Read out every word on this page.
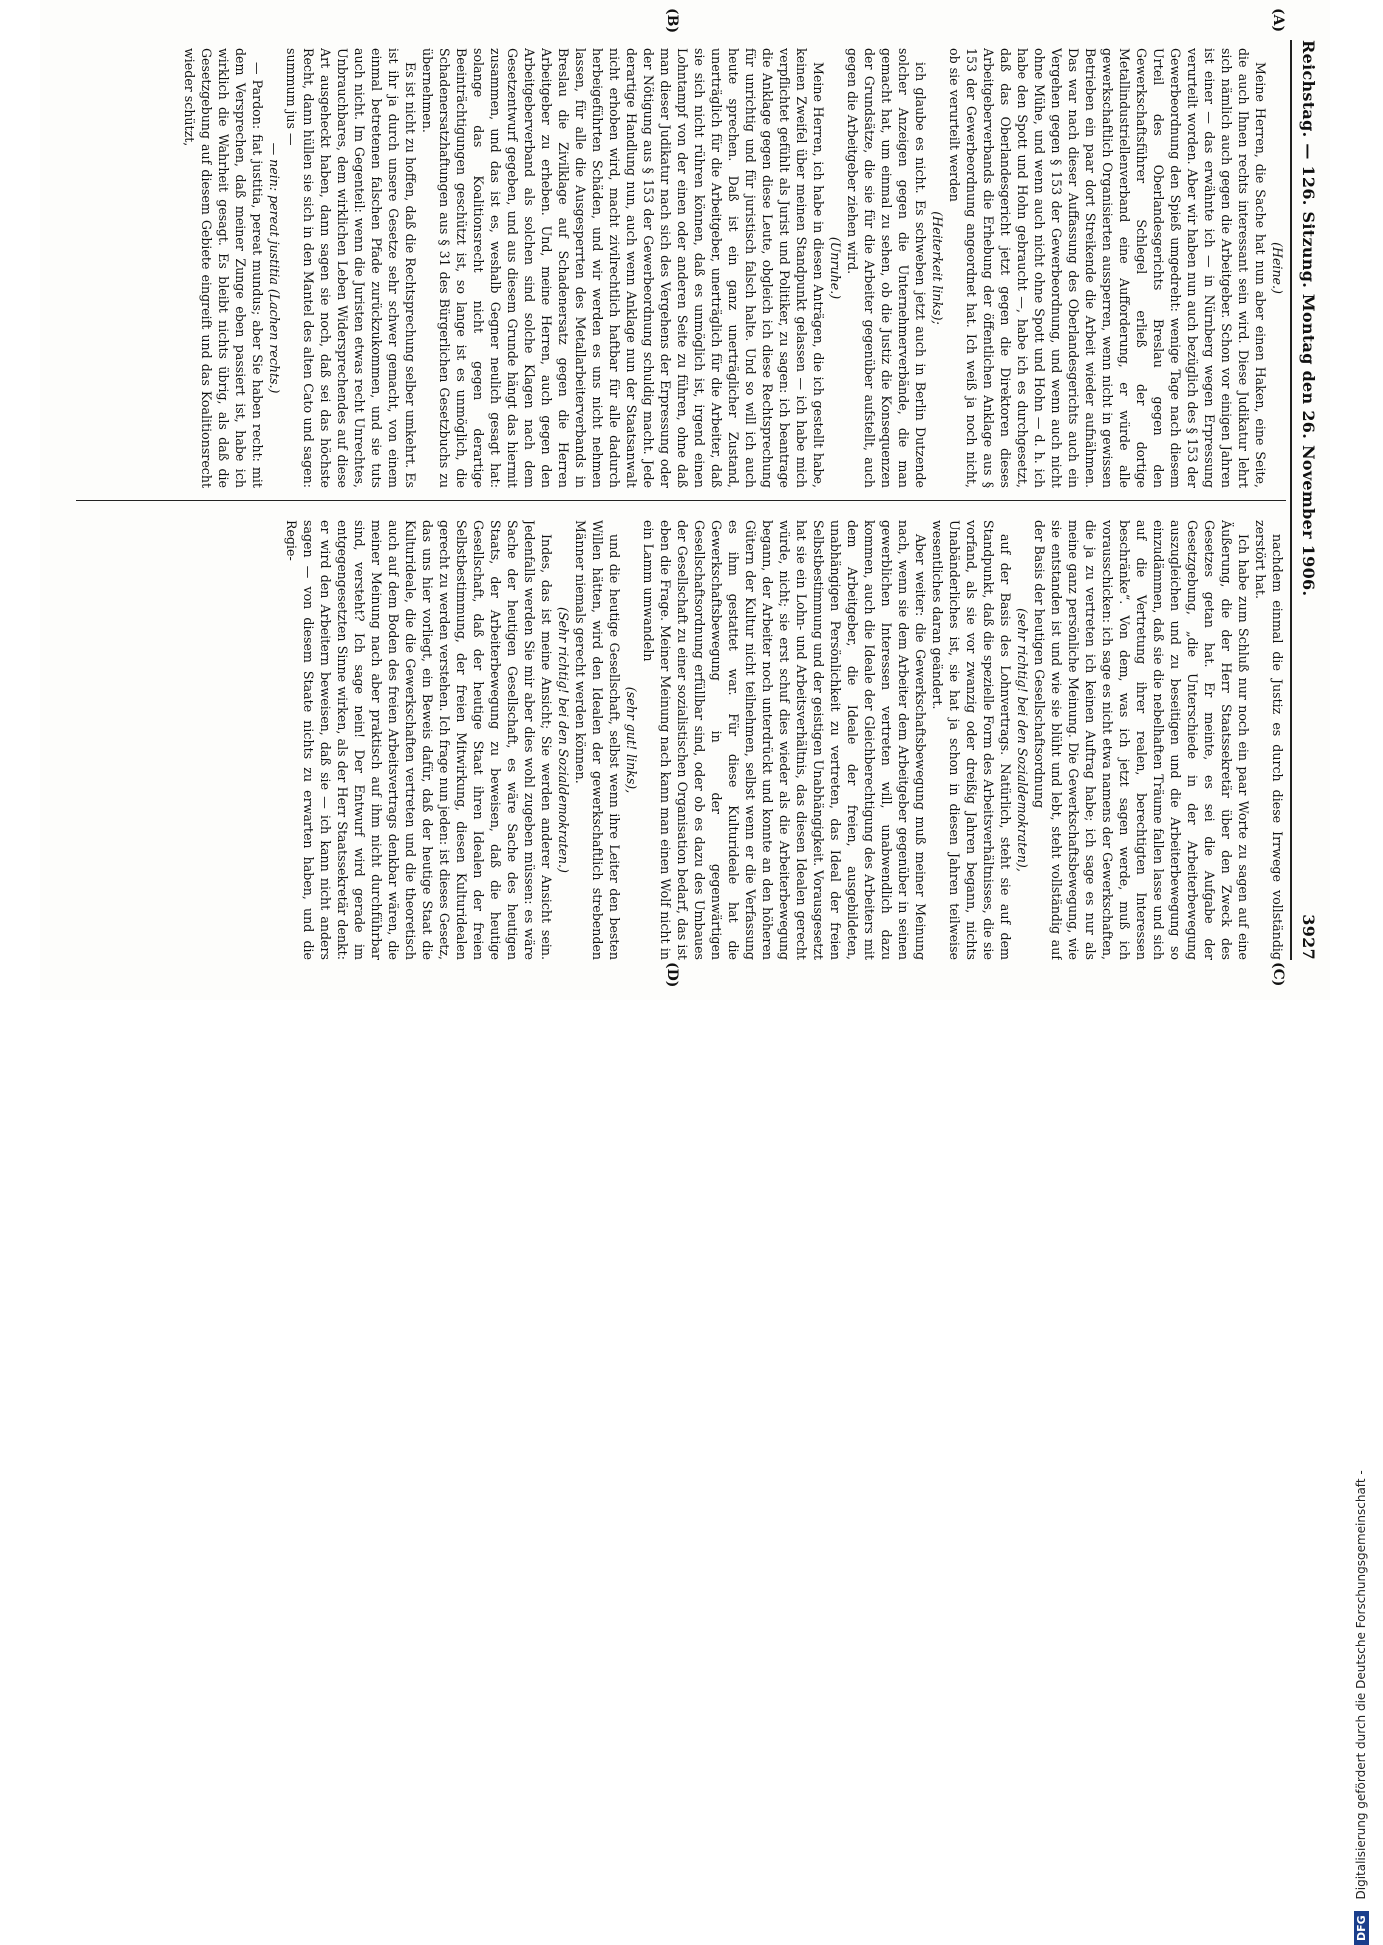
Reichstag. — 126. Sitzung. Montag den 26. November 1906.
3927
(A)
(B)
(C)
(D)

(Heine.)

Meine Herren, die Sache hat nun aber einen Haken, eine Seite, die auch Ihnen rechts interessant sein wird. Diese Judikatur lehrt sich nämlich auch gegen die Arbeitgeber. Schon vor einigen Jahren ist einer — das erwähnte ich — in Nürnberg wegen Erpressung verurteilt worden. Aber wir haben nun auch bezüglich des § 153 der Gewerbeordnung den Spieß umgedreht: wenige Tage nach diesem Urteil des Oberlandesgerichts Breslau gegen den Gewerkschaftsführer Schlegel erließ der dortige Metallindustriellenverband eine Aufforderung, er würde alle gewerkschaftlich Organisierten aussperren, wenn nicht in gewissen Betrieben ein paar dort Streikende die Arbeit wieder aufnähmen. Das war nach dieser Auffassung des Oberlandesgerichts auch ein Vergehen gegen § 153 der Gewerbeordnung, und wenn auch nicht ohne Mühe, und wenn auch nicht ohne Spott und Hohn — d. h. ich habe den Spott und Hohn gebraucht —, habe ich es durchgesetzt, daß das Oberlandesgericht jetzt gegen die Direktoren dieses Arbeitgeberverbands die Erhebung der öffentlichen Anklage aus § 153 der Gewerbeordnung angeordnet hat. Ich weiß ja noch nicht, ob sie verurteilt werden

(Heiterkeit links);

ich glaube es nicht. Es schweben jetzt auch in Berlin Dutzende solcher Anzeigen gegen die Unternehmerverbände, die man gemacht hat, um einmal zu sehen, ob die Justiz die Konsequenzen der Grundsätze, die sie für die Arbeiter gegenüber aufstellt, auch gegen die Arbeitgeber ziehen wird.

(Unruhe.)

Meine Herren, ich habe in diesen Anträgen, die ich gestellt habe, keinen Zweifel über meinen Standpunkt gelassen — ich habe mich verpflichtet gefühlt als Jurist und Politiker, zu sagen: ich beantrage die Anklage gegen diese Leute, obgleich ich diese Rechtsprechung für unrichtig und für juristisch falsch halte. Und so will ich auch heute sprechen. Daß ist ein ganz unerträglicher Zustand, unerträglich für die Arbeitgeber, unerträglich für die Arbeiter, daß sie sich nicht rühren können, daß es unmöglich ist, irgend einen Lohntampf von der einen oder anderen Seite zu führen, ohne daß man dieser Judikatur nach sich des Vergehens der Erpressung oder der Nötigung aus § 153 der Gewerbeordnung schuldig macht. Jede derartige Handlung nun, auch wenn Anklage nun der Staatsanwalt nicht erhoben wird, macht zivilrechtlich haftbar für alle dadurch herbeigeführten Schäden, und wir werden es uns nicht nehmen lassen, für alle die Ausgesperrten des Metallarbeiterverbands in Breslau die Zivilklage auf Schadenersatz gegen die Herren Arbeitgeber zu erheben. Und, meine Herren, auch gegen den Arbeitgeberverband als solchen sind solche Klagen nach dem Gesetzentwurf gegeben, und aus diesem Grunde hängt das hiermit zusammen, und das ist es, weshalb Gegner neulich gesagt hat: solange das Koalitionsrecht nicht gegen derartige Beeinträchtigungen geschützt ist, so lange ist es unmöglich, die Schadenersatzhaftungen aus § 31 des Bürgerlichen Gesetzbuchs zu übernehmen.

Es ist nicht zu hoffen, daß die Rechtsprechung selber umkehrt. Es ist ihr ja durch unsere Gesetze sehr schwer gemacht, von einem einmal betretenen falschen Pfade zurückzukommen, und sie tuts auch nicht. Im Gegenteil: wenn die Juristen etwas recht Unrechtes, Unbrauchbares, dem wirklichen Leben Widersprechendes auf diese Art ausgeheckt haben, dann sagen sie noch, daß sei das höchste Recht, dann hüllen sie sich in den Mantel des alten Cato und sagen: summum jus —

— nein: pereat justitia (Lachen rechts.)

— Pardon: fiat justitia, pereat mundus; aber Sie haben recht: mit dem Versprechen, daß meiner Zunge eben passiert ist, habe ich wirklich die Wahrheit gesagt. Es bleibt nichts übrig, als daß die Gesetzgebung auf diesem Gebiete eingreift und das Koalitionsrecht wieder schützt,

nachdem einmal die Justiz es durch diese Irrwege vollständig zerstört hat.

Ich habe zum Schluß nur noch ein paar Worte zu sagen auf eine Äußerung, die der Herr Staatssekretär über den Zweck des Gesetzes getan hat. Er meinte, es sei die Aufgabe der Gesetzgebung, „die Unterschiede in der Arbeiterbewegung auszugleichen und zu beseitigen und die Arbeiterbewegung so einzudämmen, daß sie die nebelhaften Träume fallen lasse und sich auf die Vertretung ihrer realen, berechtigten Interessen beschränke“. Von dem, was ich jetzt sagen werde, muß ich vorausschicken: ich sage es nicht etwa namens der Gewerkschaften, die ja zu vertreten ich keinen Auftrag habe; ich sage es nur als meine ganz persönliche Meinung. Die Gewerkschaftsbewegung, wie sie entstanden ist und wie sie blüht und lebt, steht vollständig auf der Basis der heutigen Gesellschaftsordnung

(sehr richtig! bei den Sozialdemokraten),

auf der Basis des Lohnvertrags. Natürlich, steht sie auf dem Standpunkt, daß die spezielle Form des Arbeitsverhältnisses, die sie vorfand, als sie vor zwanzig oder dreißig Jahren begann, nichts Unabänderliches ist, sie hat ja schon in diesen Jahren teilweise wesentliches daran geändert.

Aber weiter: die Gewerkschaftsbewegung muß meiner Meinung nach, wenn sie dem Arbeiter dem Arbeitgeber gegenüber in seinen gewerblichen Interessen vertreten will, unabwendlich dazu kommen, auch die Ideale der Gleichberechtigung des Arbeiters mit dem Arbeitgeber, die Ideale der freien, ausgebildeten, unabhängigen Persönlichkeit zu vertreten, das Ideal der freien Selbstbestimmung und der geistigen Unabhängigkeit. Vorausgesetzt hat sie ein Lohn- und Arbeitsverhältnis, das diesen Idealen gerecht würde, nicht; sie erst schuf dies wieder als die Arbeiterbewegung begann, der Arbeiter noch unterdrückt und konnte an den höheren Gütern der Kultur nicht teilnehmen, selbst wenn er die Verfassung es ihm gestattet war. Für diese Kulturideale hat die Gewerkschaftsbewegung in der gegenwärtigen Gesellschaftsordnung erfüllbar sind, oder ob es dazu des Umbaues der Gesellschaft zu einer sozialistischen Organisation bedarf, das ist eben die Frage. Meiner Meinung nach kann man einen Wolf nicht in ein Lamm umwandeln

(sehr gut! links),

und die heutige Gesellschaft, selbst wenn ihre Leiter den besten Willen hätten, wird den Idealen der gewerkschaftlich strebenden Männer niemals gerecht werden können.

(Sehr richtig! bei den Sozialdemokraten.)

Indes, das ist meine Ansicht; Sie werden anderer Ansicht sein. Jedenfalls werden Sie mir aber dies wohl zugeben müssen: es wäre Sache der heutigen Gesellschaft, es wäre Sache des heutigen Staats, der Arbeiterbewegung zu beweisen, daß die heutige Gesellschaft, daß der heutige Staat ihren Idealen der freien Selbstbestimmung, der freien Mitwirkung, diesen Kulturidealen gerecht zu werden verstehen. Ich frage nun jeden: ist dieses Gesetz, das uns hier vorliegt, ein Beweis dafür, daß der heutige Staat die Kulturideale, die die Gewerkschaften vertreten und die theoretisch auch auf dem Boden des freien Arbeitsvertrags denkbar wären, die meiner Meinung nach aber praktisch auf ihm nicht durchführbar sind, versteht? Ich sage nein! Der Entwurf wird gerade im entgegengesetzten Sinne wirken, als der Herr Staatssekretär denkt: er wird den Arbeitern beweisen, daß sie — ich kann nicht anders sagen — von diesem Staate nichts zu erwarten haben, und die Regie-

DFG Digitalisierung gefördert durch die Deutsche Forschungsgemeinschaft -
